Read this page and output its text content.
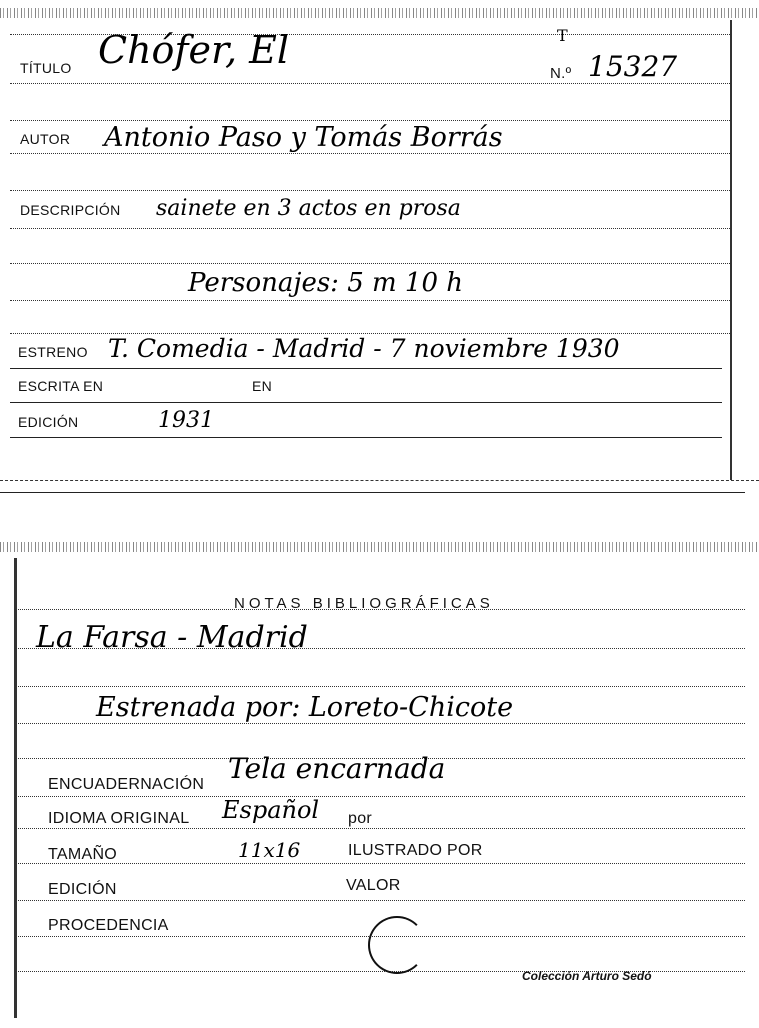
TÍTULO Chófer, El	T
N.º 15327
AUTOR Antonio Paso y Tomás Borrás
DESCRIPCIÓN sainete en 3 actos en prosa
Personajes: 5 m 10 h
ESTRENO T. Comedia - Madrid - 7 noviembre 1930
ESCRITA EN	EN
EDICIÓN	1931
NOTAS BIBLIOGRÁFICAS
La Farsa - Madrid
Estrenada por: Loreto-Chicote
ENCUADERNACIÓN Tela encarnada
IDIOMA ORIGINAL Español por
TAMAÑO	11x16	ILUSTRADO POR
EDICIÓN	VALOR
PROCEDENCIA
Colección Arturo Sedó
